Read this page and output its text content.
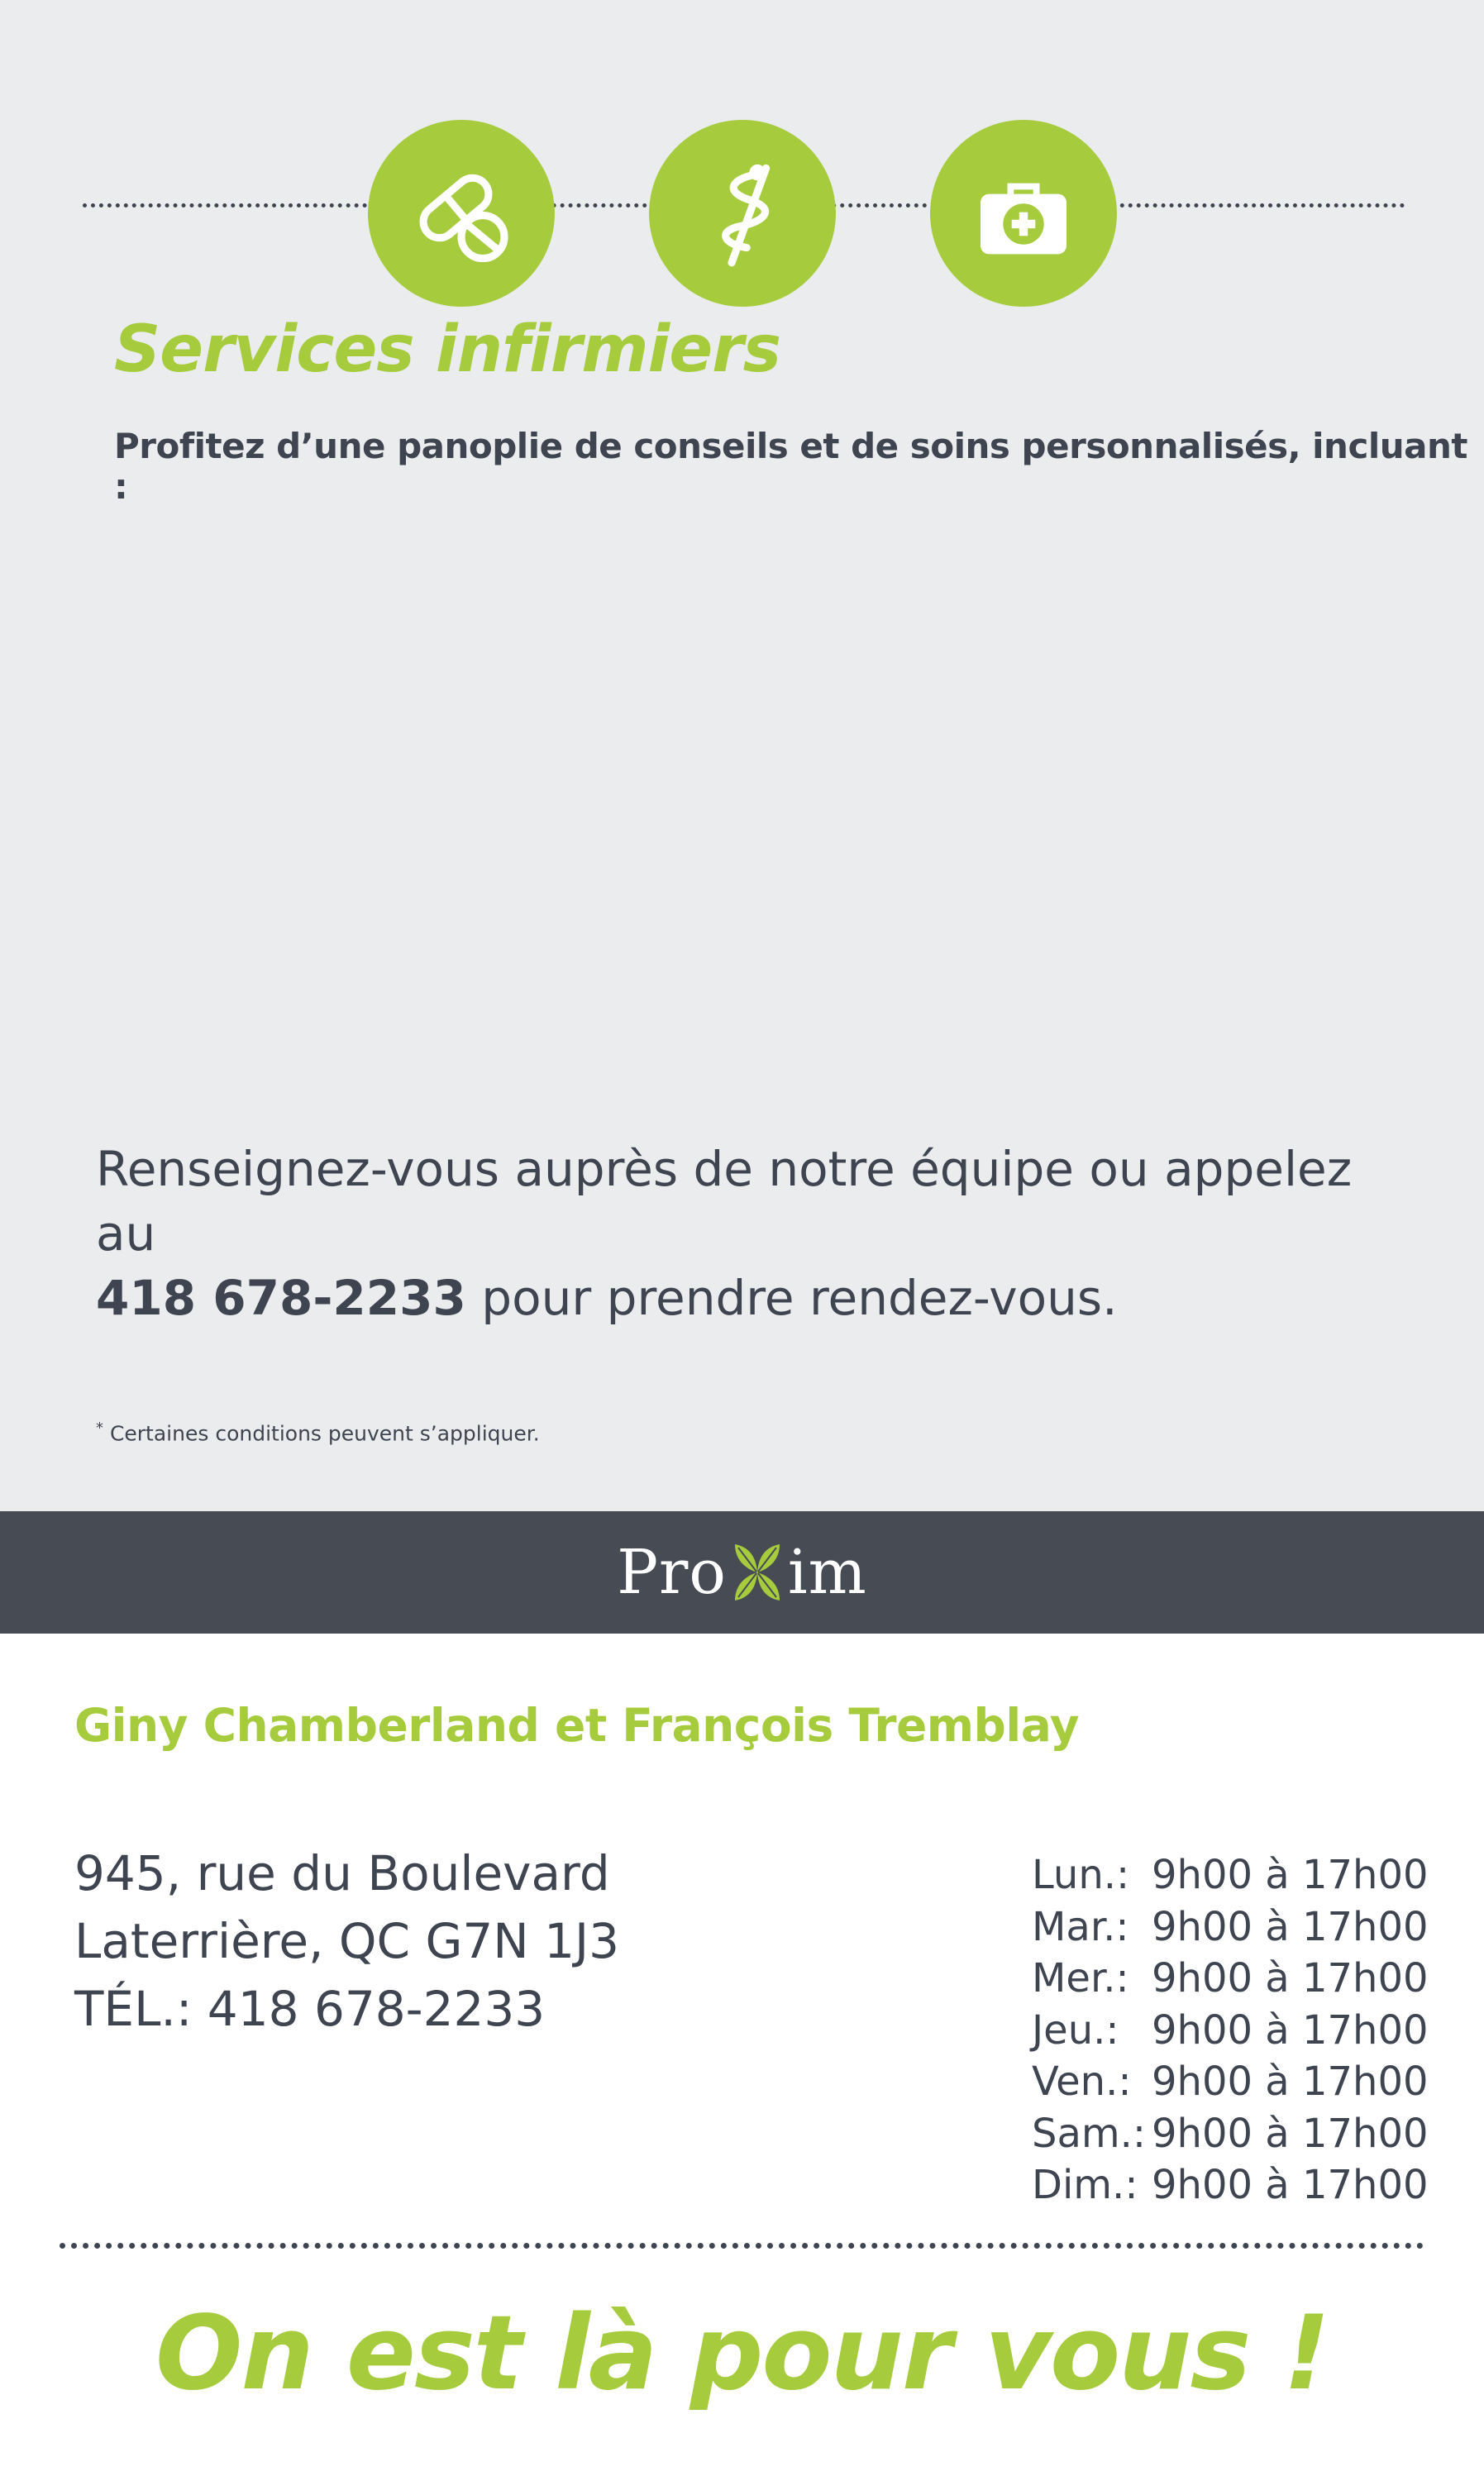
Services infirmiers

Profitez d’une panoplie de conseils et de soins personnalisés, incluant :

Renseignez-vous auprès de notre équipe ou appelez au
418 678-2233 pour prendre rendez-vous.

* Certaines conditions peuvent s’appliquer.

Pro im
Giny Chamberland et François Tremblay
945, rue du Boulevard
Laterrière, QC G7N 1J3
TÉL.: 418 678-2233
Lun.: 9h00 à 17h00
Mar.: 9h00 à 17h00
Mer.: 9h00 à 17h00
Jeu.: 9h00 à 17h00
Ven.: 9h00 à 17h00
Sam.: 9h00 à 17h00
Dim.: 9h00 à 17h00

On est là pour vous !
